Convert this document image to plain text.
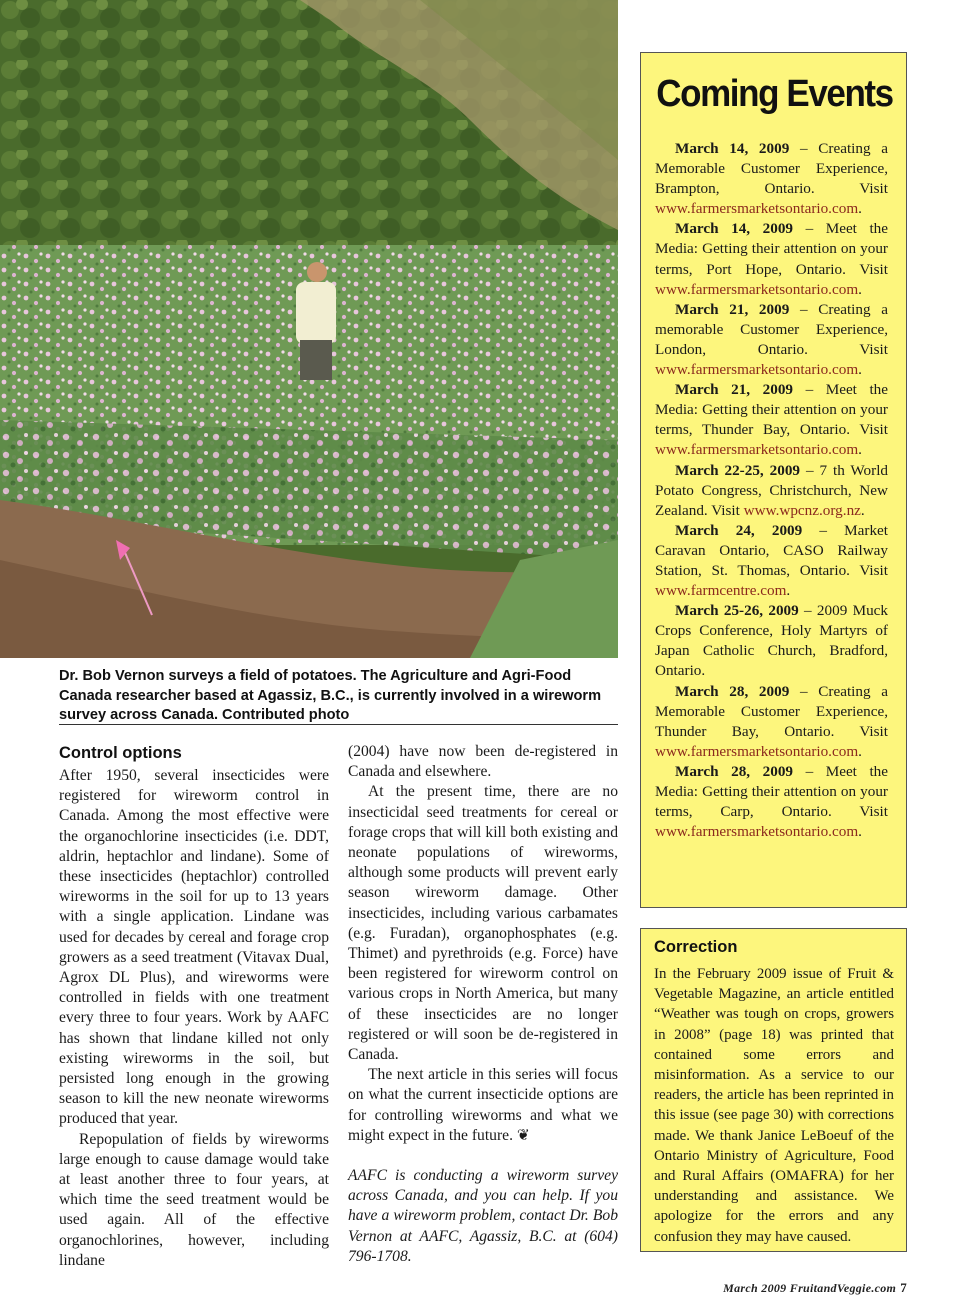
Dr. Bob Vernon surveys a field of potatoes. The Agriculture and Agri-Food Canada researcher based at Agassiz, B.C., is currently involved in a wireworm survey across Canada. Contributed photo
Control options

After 1950, several insecticides were registered for wireworm control in Canada. Among the most effective were the organochlorine insecticides (i.e. DDT, aldrin, heptachlor and lindane). Some of these insecticides (heptachlor) controlled wireworms in the soil for up to 13 years with a single application. Lindane was used for decades by cereal and forage crop growers as a seed treatment (Vitavax Dual, Agrox DL Plus), and wireworms were controlled in fields with one treatment every three to four years. Work by AAFC has shown that lindane killed not only existing wireworms in the soil, but persisted long enough in the growing season to kill the new neonate wireworms produced that year.

Repopulation of fields by wireworms large enough to cause damage would take at least another three to four years, at which time the seed treatment would be used again. All of the effective organochlorines, however, including lindane

(2004) have now been de-registered in Canada and elsewhere.

At the present time, there are no insecticidal seed treatments for cereal or forage crops that will kill both existing and neonate populations of wireworms, although some products will prevent early season wireworm damage. Other insecticides, including various carbamates (e.g. Furadan), organophosphates (e.g. Thimet) and pyrethroids (e.g. Force) have been registered for wireworm control on various crops in North America, but many of these insecticides are no longer registered or will soon be de-registered in Canada.

The next article in this series will focus on what the current insecticide options are for controlling wireworms and what we might expect in the future. ❦

AAFC is conducting a wireworm survey across Canada, and you can help. If you have a wireworm problem, contact Dr. Bob Vernon at AAFC, Agassiz, B.C. at (604) 796-1708.

Coming Events

March 14, 2009 – Creating a Memorable Customer Experience, Brampton, Ontario. Visit www.farmersmarketsontario.com.

March 14, 2009 – Meet the Media: Getting their attention on your terms, Port Hope, Ontario. Visit www.farmersmarketsontario.com.

March 21, 2009 – Creating a memorable Customer Experience, London, Ontario. Visit www.farmersmarketsontario.com.

March 21, 2009 – Meet the Media: Getting their attention on your terms, Thunder Bay, Ontario. Visit www.farmersmarketsontario.com.

March 22-25, 2009 – 7 th World Potato Congress, Christchurch, New Zealand. Visit www.wpcnz.org.nz.

March 24, 2009 – Market Caravan Ontario, CASO Railway Station, St. Thomas, Ontario. Visit www.farmcentre.com.

March 25-26, 2009 – 2009 Muck Crops Conference, Holy Martyrs of Japan Catholic Church, Bradford, Ontario.

March 28, 2009 – Creating a Memorable Customer Experience, Thunder Bay, Ontario. Visit www.farmersmarketsontario.com.

March 28, 2009 – Meet the Media: Getting their attention on your terms, Carp, Ontario. Visit www.farmersmarketsontario.com.

Correction

In the February 2009 issue of Fruit & Vegetable Magazine, an article entitled “Weather was tough on crops, growers in 2008” (page 18) was printed that contained some errors and misinformation. As a service to our readers, the article has been reprinted in this issue (see page 30) with corrections made. We thank Janice LeBoeuf of the Ontario Ministry of Agriculture, Food and Rural Affairs (OMAFRA) for her understanding and assistance. We apologize for the errors and any confusion they may have caused.

March 2009 FruitandVeggie.com 7
